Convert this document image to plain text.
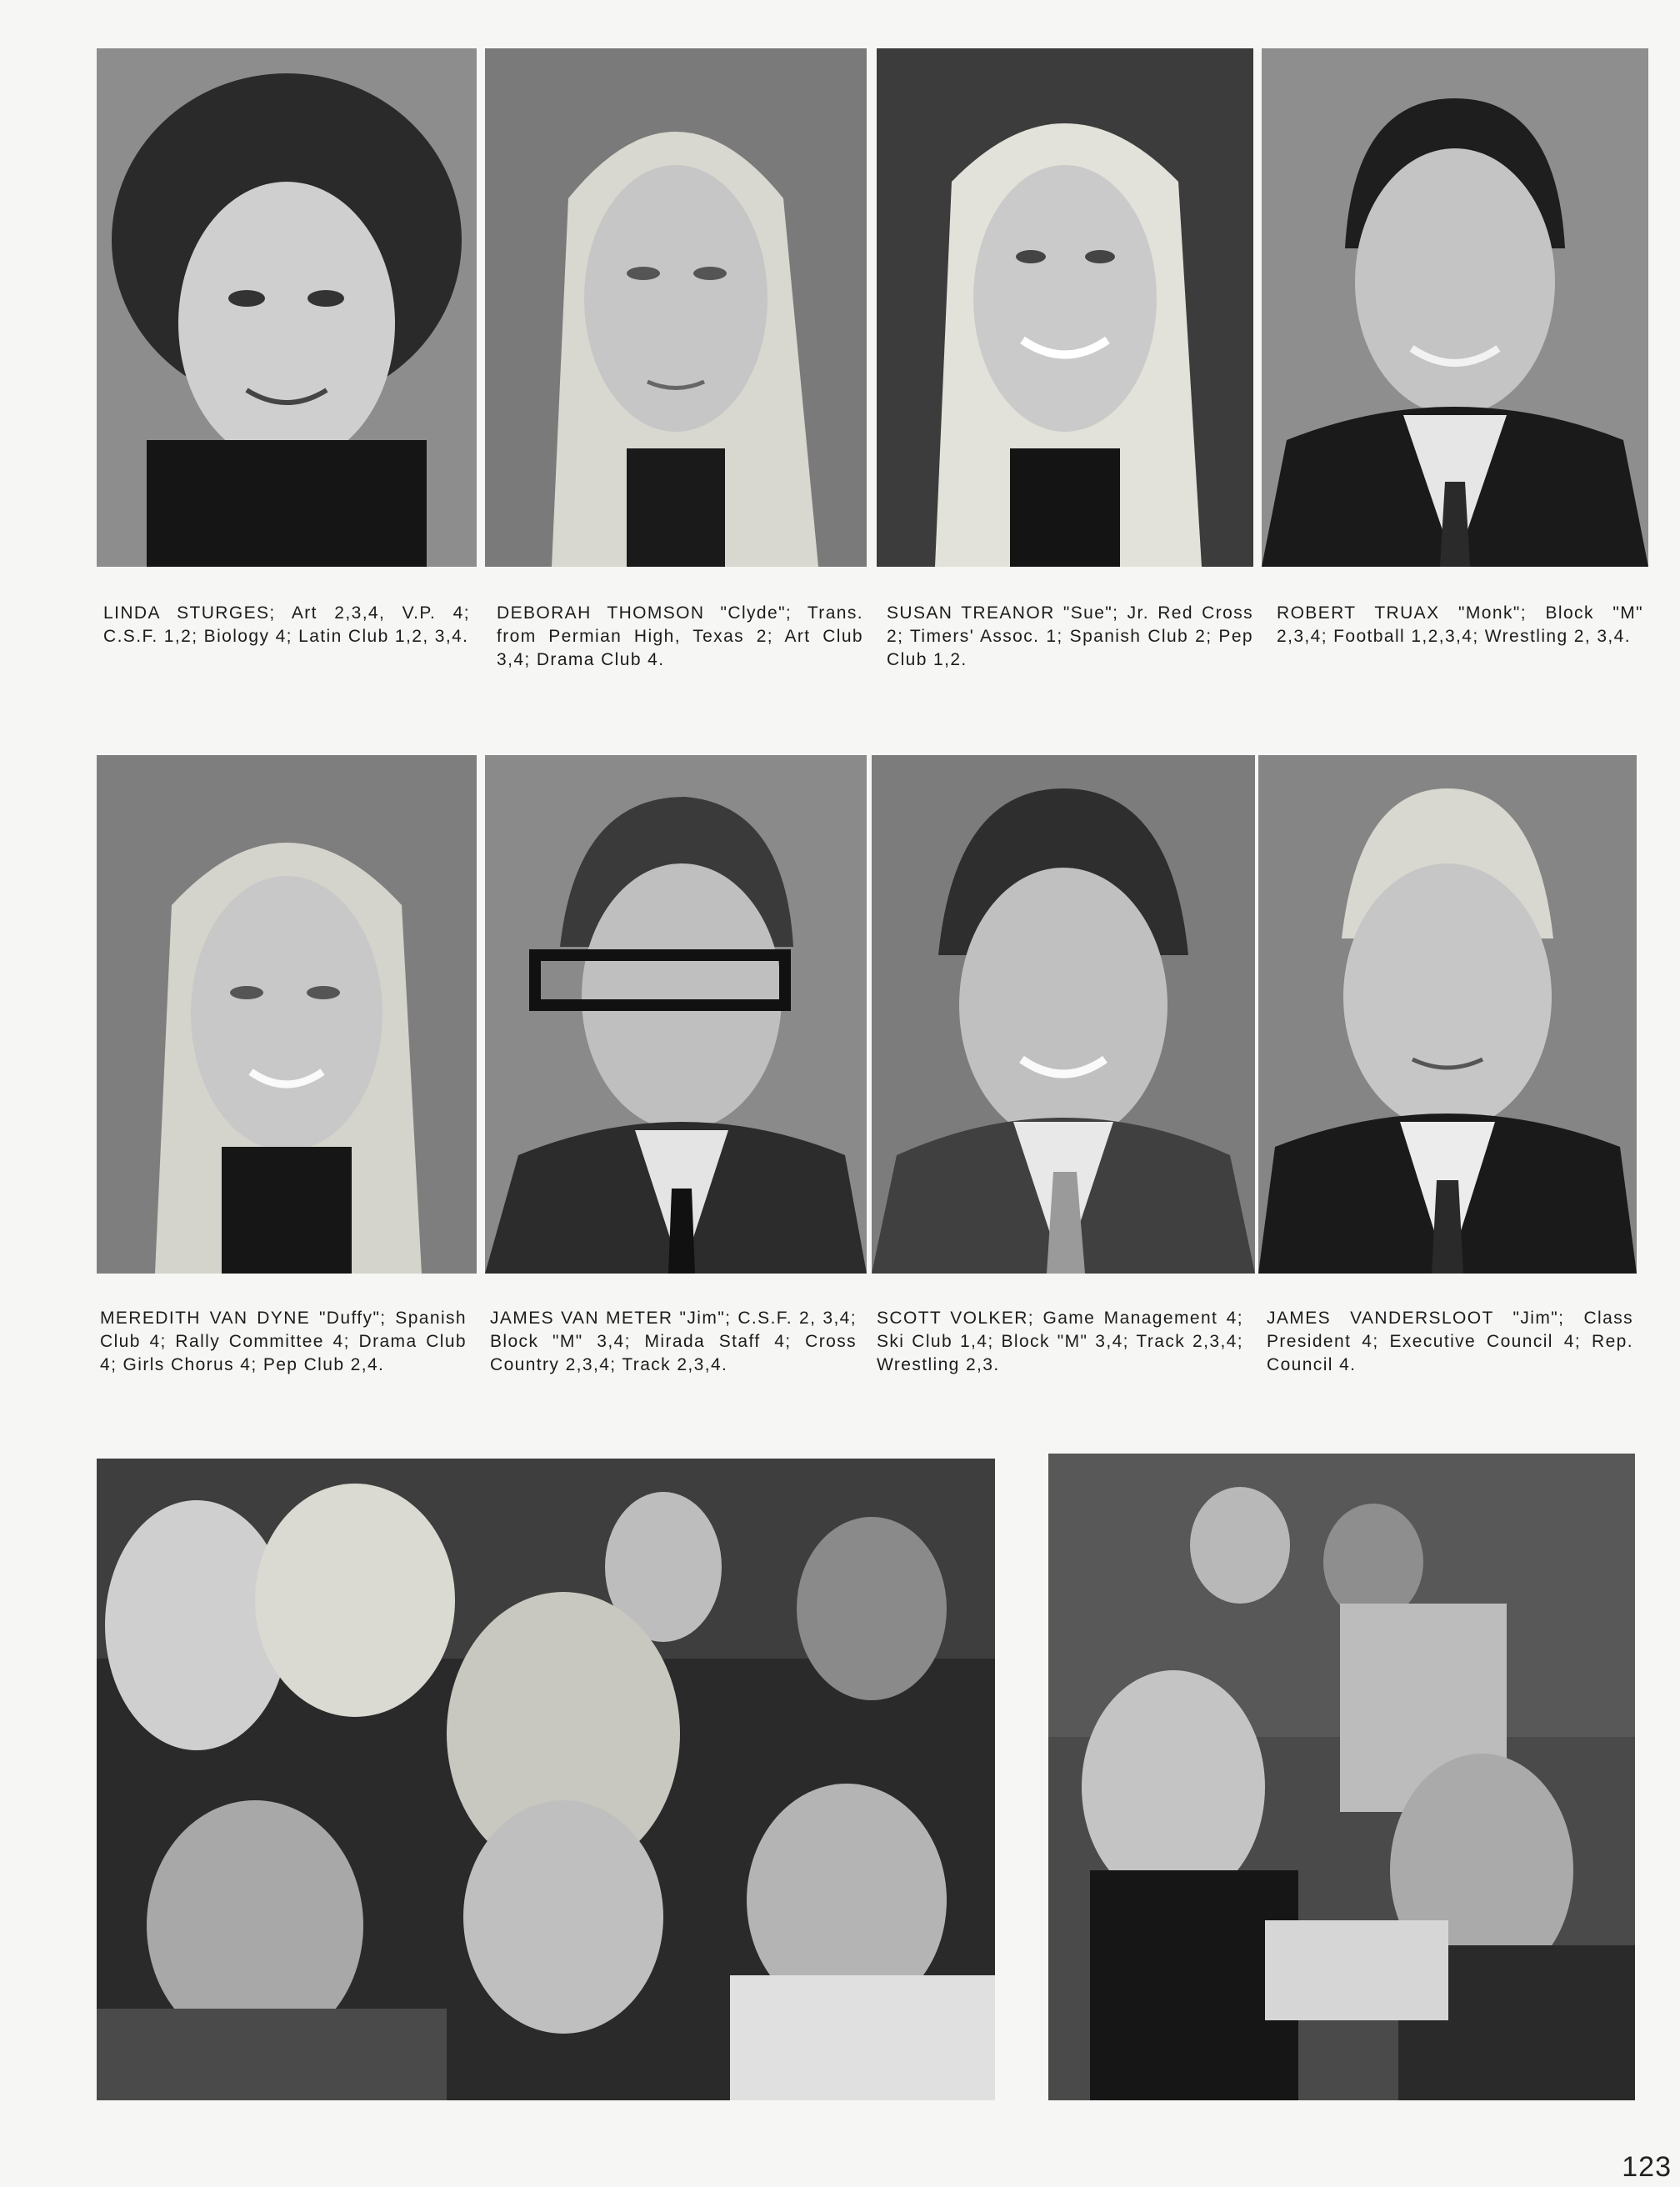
LINDA STURGES; Art 2,3,4, V.P. 4; C.S.F. 1,2; Biology 4; Latin Club 1,2, 3,4.
DEBORAH THOMSON "Clyde"; Trans. from Permian High, Texas 2; Art Club 3,4; Drama Club 4.
SUSAN TREANOR "Sue"; Jr. Red Cross 2; Timers' Assoc. 1; Spanish Club 2; Pep Club 1,2.
ROBERT TRUAX "Monk"; Block "M" 2,3,4; Football 1,2,3,4; Wrestling 2, 3,4.
MEREDITH VAN DYNE "Duffy"; Spanish Club 4; Rally Committee 4; Drama Club 4; Girls Chorus 4; Pep Club 2,4.
JAMES VAN METER "Jim"; C.S.F. 2, 3,4; Block "M" 3,4; Mirada Staff 4; Cross Country 2,3,4; Track 2,3,4.
SCOTT VOLKER; Game Management 4; Ski Club 1,4; Block "M" 3,4; Track 2,3,4; Wrestling 2,3.
JAMES VANDERSLOOT "Jim"; Class President 4; Executive Council 4; Rep. Council 4.
123
